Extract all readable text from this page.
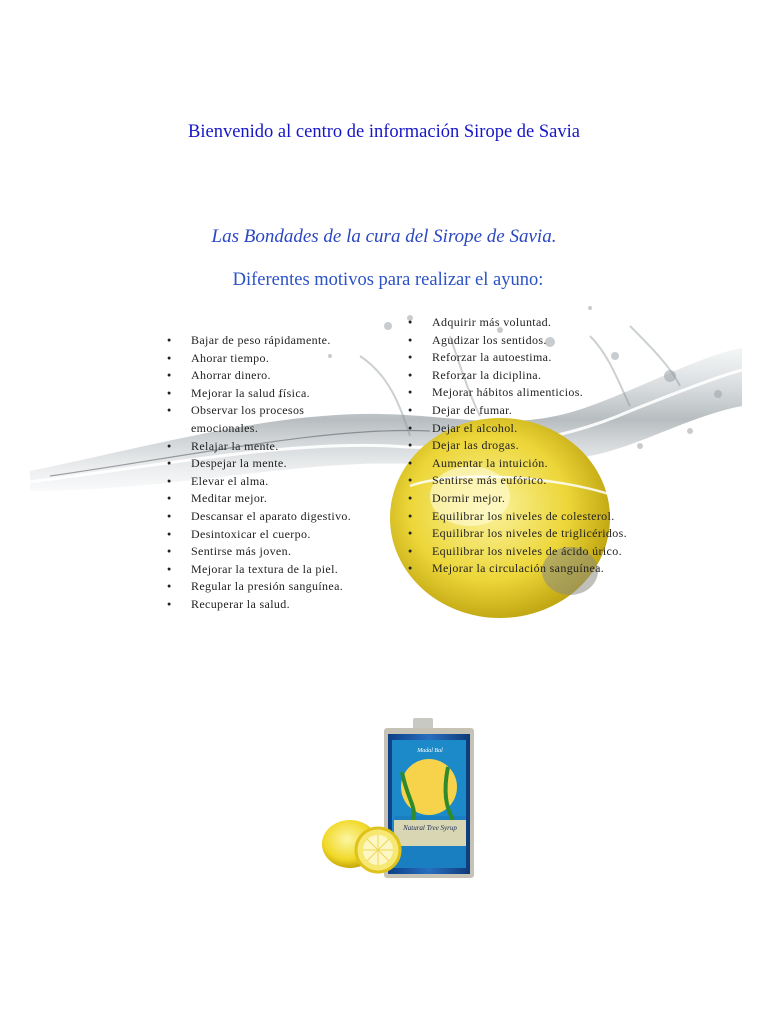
Bienvenido al centro de información Sirope de Savia
Las Bondades de la cura del Sirope de Savia.
Diferentes motivos para realizar el ayuno:
● Bajar de peso rápidamente.
● Ahorar tiempo.
● Ahorrar dinero.
● Mejorar la salud física.
● Observar los procesos emocionales.
● Relajar la mente.
● Despejar la mente.
● Elevar el alma.
● Meditar mejor.
● Descansar el aparato digestivo.
● Desintoxicar el cuerpo.
● Sentirse más joven.
● Mejorar la textura de la piel.
● Regular la presión sanguínea.
● Recuperar la salud.
● Adquirir más voluntad.
● Agudizar los sentidos.
● Reforzar la autoestima.
● Reforzar la diciplina.
● Mejorar hábitos alimenticios.
● Dejar de fumar.
● Dejar el alcohol.
● Dejar las drogas.
● Aumentar la intuición.
● Sentirse más eufórico.
● Dormir mejor.
● Equilibrar los niveles de colesterol.
● Equilibrar los niveles de triglicéridos.
● Equilibrar los niveles de ácido úrico.
● Mejorar la circulación sanguínea.
Natural Tree Syrup
Madal Bal
